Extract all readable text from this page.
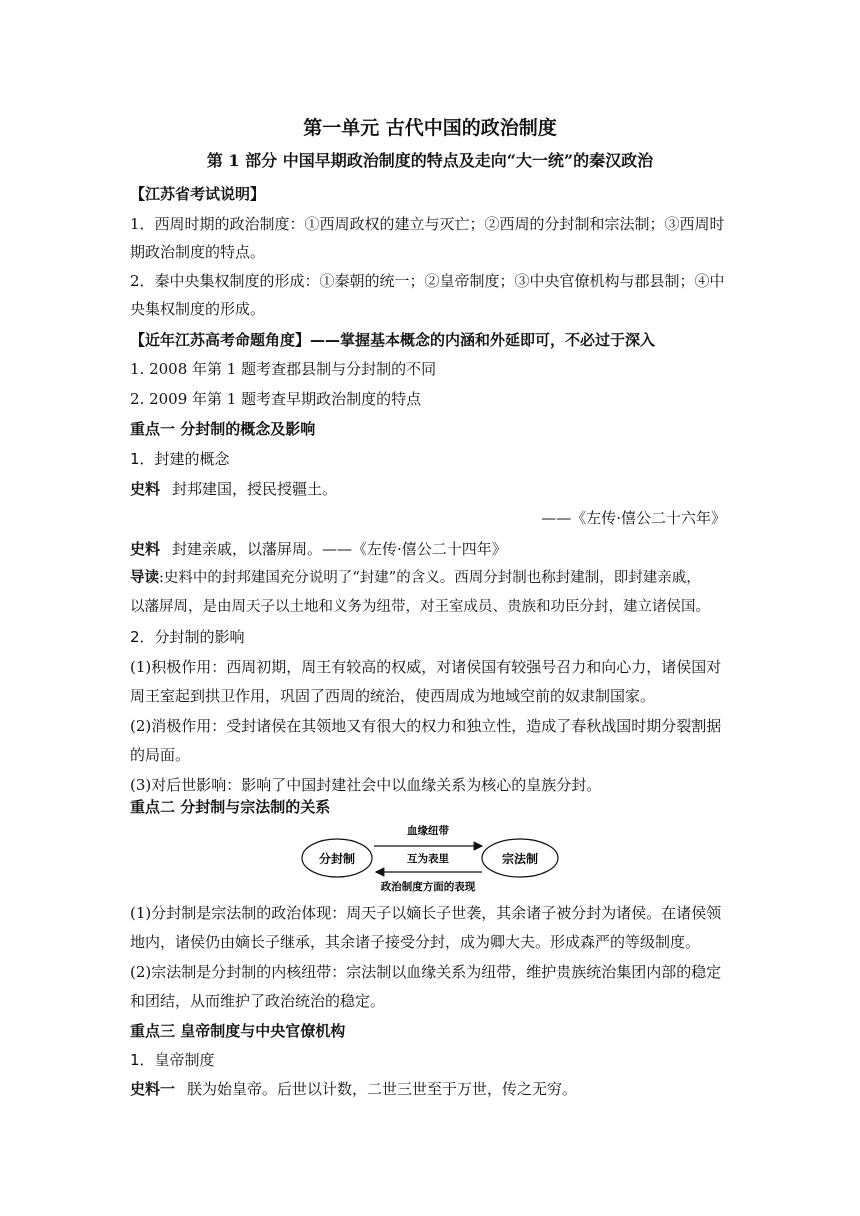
第一单元 古代中国的政治制度
第 1 部分 中国早期政治制度的特点及走向“大一统”的秦汉政治
【江苏省考试说明】
1．西周时期的政治制度：①西周政权的建立与灭亡；②西周的分封制和宗法制；③西周时
期政治制度的特点。
2．秦中央集权制度的形成：①秦朝的统一；②皇帝制度；③中央官僚机构与郡县制；④中
央集权制度的形成。
【近年江苏高考命题角度】——掌握基本概念的内涵和外延即可，不必过于深入
1. 2008 年第 1 题考查郡县制与分封制的不同
2. 2009 年第 1 题考查早期政治制度的特点
重点一 分封制的概念及影响
1．封建的概念
史料 封邦建国，授民授疆土。
——《左传·僖公二十六年》
史料 封建亲戚，以藩屏周。——《左传·僖公二十四年》
导读:史料中的封邦建国充分说明了“封建”的含义。西周分封制也称封建制，即封建亲戚，
以藩屏周，是由周天子以土地和义务为纽带，对王室成员、贵族和功臣分封，建立诸侯国。
2．分封制的影响
(1)积极作用：西周初期，周王有较高的权威，对诸侯国有较强号召力和向心力，诸侯国对
周王室起到拱卫作用，巩固了西周的统治，使西周成为地域空前的奴隶制国家。
(2)消极作用：受封诸侯在其领地又有很大的权力和独立性，造成了春秋战国时期分裂割据
的局面。
(3)对后世影响：影响了中国封建社会中以血缘关系为核心的皇族分封。
重点二 分封制与宗法制的关系
分封制	宗法制
血缘纽带
互为表里
政治制度方面的表现
(1)分封制是宗法制的政治体现：周天子以嫡长子世袭，其余诸子被分封为诸侯。在诸侯领
地内，诸侯仍由嫡长子继承，其余诸子接受分封，成为卿大夫。形成森严的等级制度。
(2)宗法制是分封制的内核纽带：宗法制以血缘关系为纽带，维护贵族统治集团内部的稳定
和团结，从而维护了政治统治的稳定。
重点三 皇帝制度与中央官僚机构
1．皇帝制度
史料一 朕为始皇帝。后世以计数，二世三世至于万世，传之无穷。
